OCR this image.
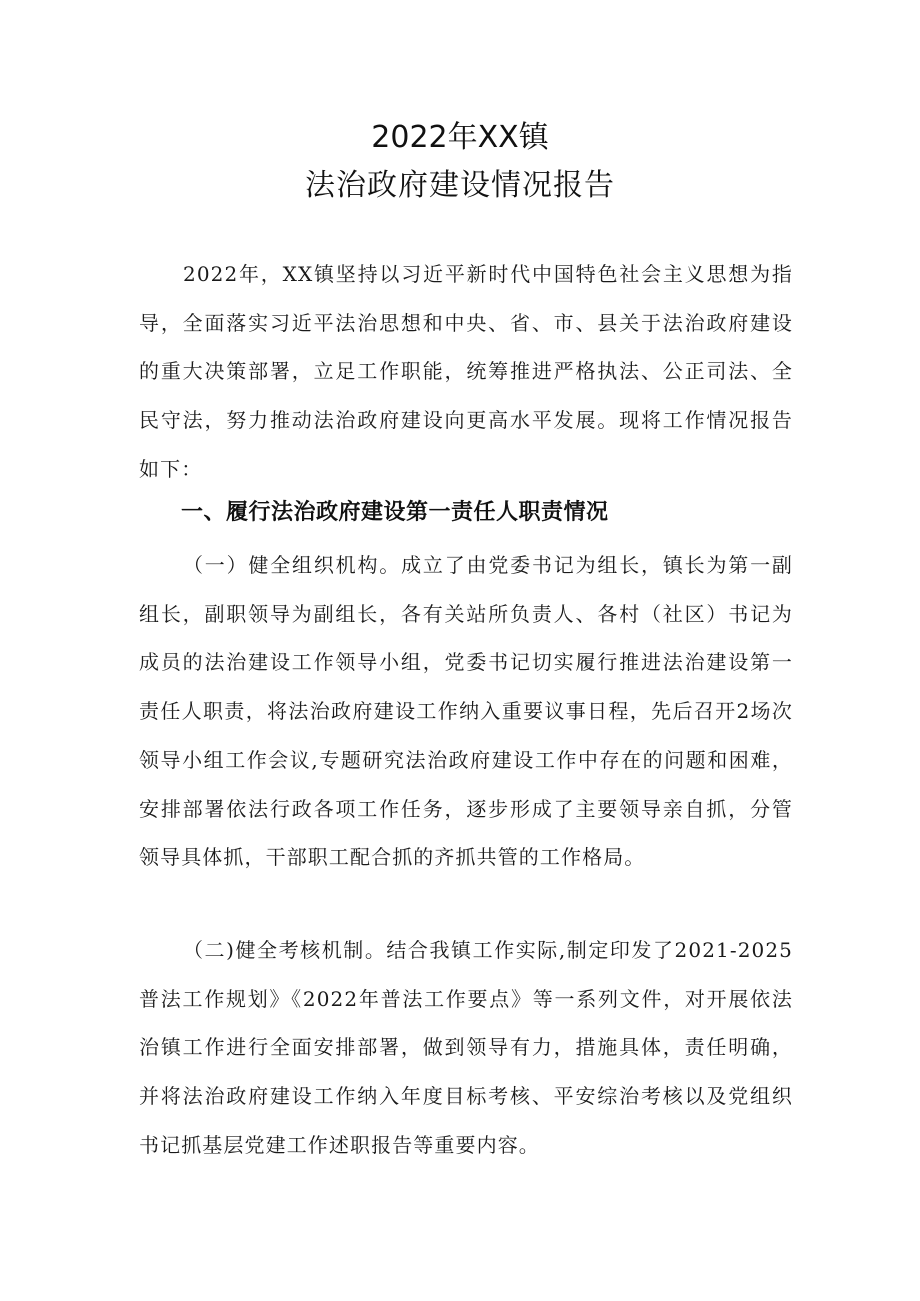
2022年XX镇
法治政府建设情况报告

2022年，XX镇坚持以习近平新时代中国特色社会主义思想为指导，全面落实习近平法治思想和中央、省、市、县关于法治政府建设的重大决策部署，立足工作职能，统筹推进严格执法、公正司法、全民守法，努力推动法治政府建设向更高水平发展。现将工作情况报告如下：

一、履行法治政府建设第一责任人职责情况

（一）健全组织机构。成立了由党委书记为组长，镇长为第一副组长，副职领导为副组长，各有关站所负责人、各村（社区）书记为成员的法治建设工作领导小组，党委书记切实履行推进法治建设第一责任人职责，将法治政府建设工作纳入重要议事日程，先后召开2场次领导小组工作会议,专题研究法治政府建设工作中存在的问题和困难，安排部署依法行政各项工作任务，逐步形成了主要领导亲自抓，分管领导具体抓，干部职工配合抓的齐抓共管的工作格局。

（二)健全考核机制。结合我镇工作实际,制定印发了2021-2025普法工作规划》《2022年普法工作要点》等一系列文件，对开展依法治镇工作进行全面安排部署，做到领导有力，措施具体，责任明确，并将法治政府建设工作纳入年度目标考核、平安综治考核以及党组织书记抓基层党建工作述职报告等重要内容。
